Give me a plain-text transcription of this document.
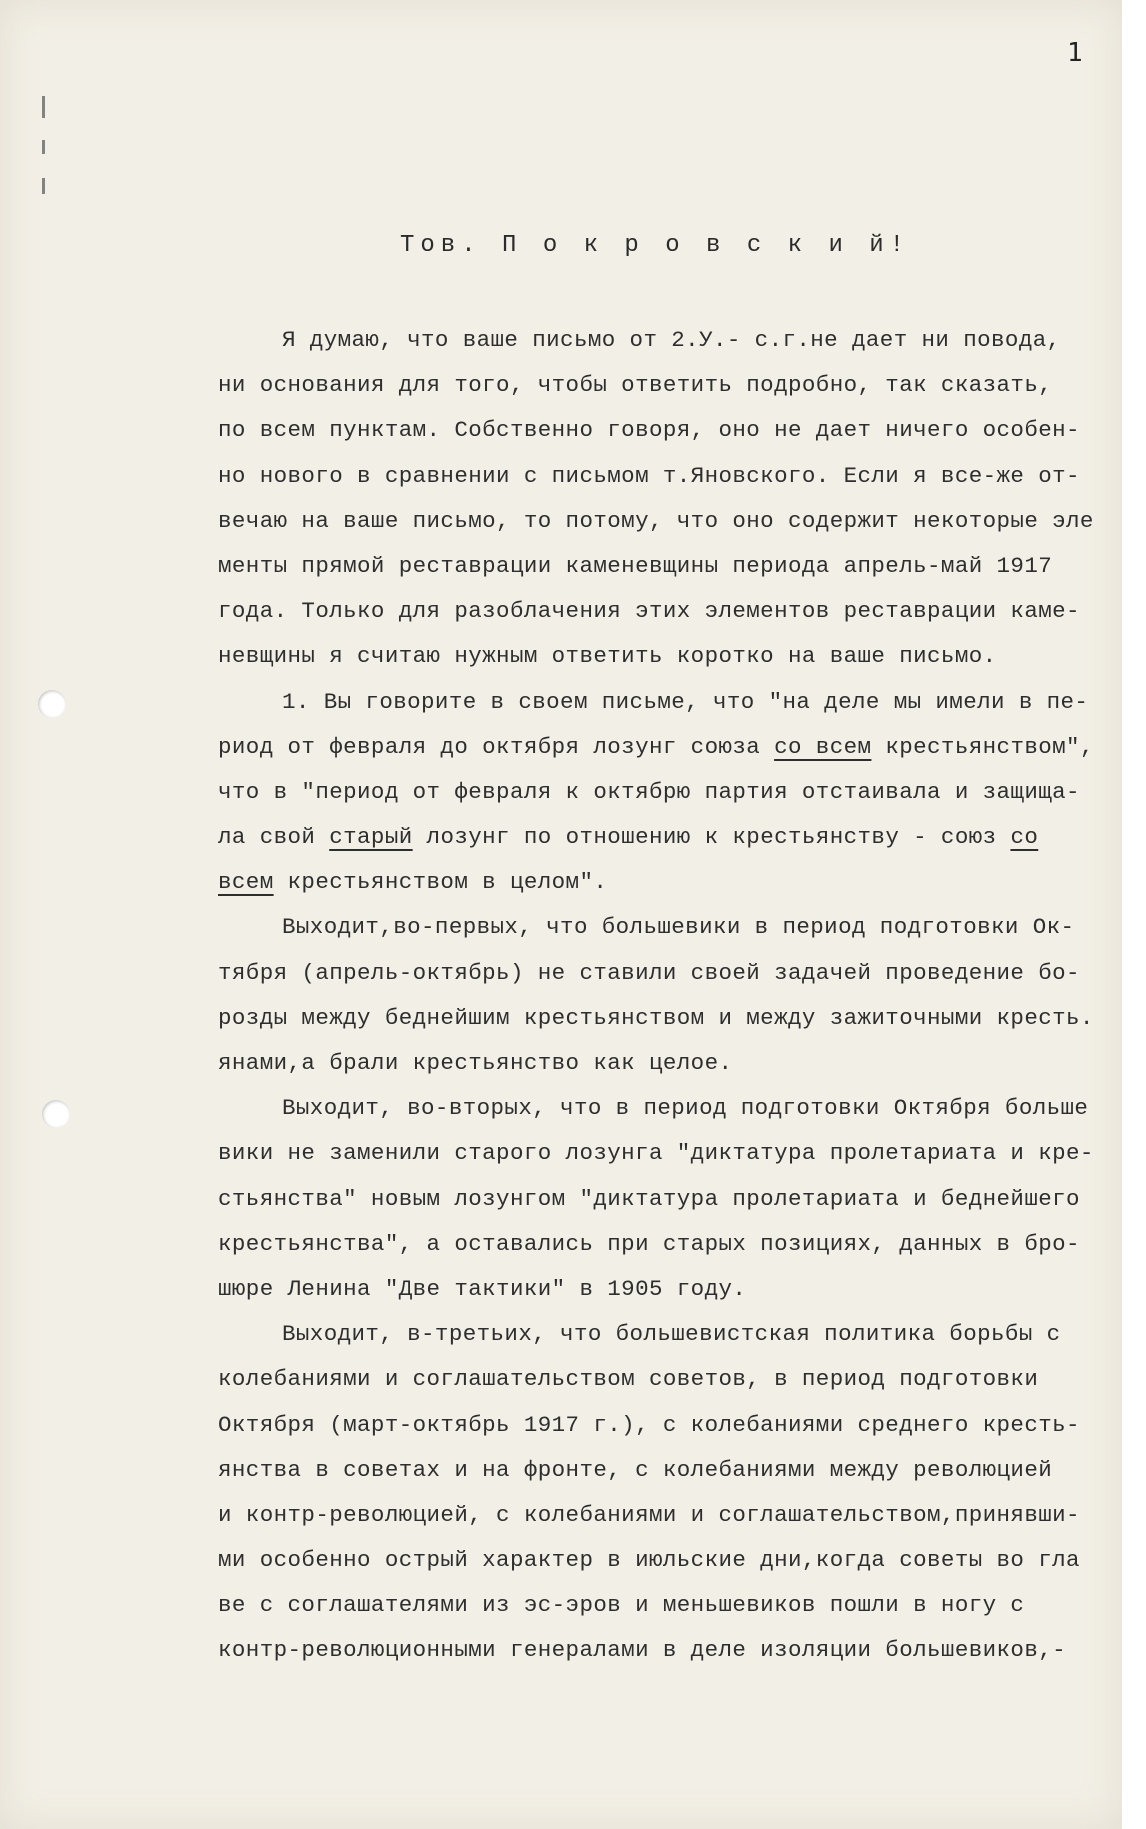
1
Тов. П о к р о в с к и й!
Я думаю, что ваше письмо от 2.У.- с.г.не дает ни повода,
ни основания для того, чтобы ответить подробно, так сказать,
по всем пунктам. Собственно говоря, оно не дает ничего особен-
но нового в сравнении с письмом т.Яновского. Если я все-же от-
вечаю на ваше письмо, то потому, что оно содержит некоторые эле
менты прямой реставрации каменевщины периода апрель-май 1917
года. Только для разоблачения этих элементов реставрации каме-
невщины я считаю нужным ответить коротко на ваше письмо.
1. Вы говорите в своем письме, что "на деле мы имели в пе-
риод от февраля до октября лозунг союза со всем крестьянством",
что в "период от февраля к октябрю партия отстаивала и защища-
ла свой старый лозунг по отношению к крестьянству - союз со
всем крестьянством в целом".
Выходит,во-первых, что большевики в период подготовки Ок-
тября (апрель-октябрь) не ставили своей задачей проведение бо-
розды между беднейшим крестьянством и между зажиточными кресть.
янами,а брали крестьянство как целое.
Выходит, во-вторых, что в период подготовки Октября больше
вики не заменили старого лозунга "диктатура пролетариата и кре-
стьянства" новым лозунгом "диктатура пролетариата и беднейшего
крестьянства", а оставались при старых позициях, данных в бро-
шюре Ленина "Две тактики" в 1905 году.
Выходит, в-третьих, что большевистская политика борьбы с
колебаниями и соглашательством советов, в период подготовки
Октября (март-октябрь 1917 г.), с колебаниями среднего кресть-
янства в советах и на фронте, с колебаниями между революцией
и контр-революцией, с колебаниями и соглашательством,принявши-
ми особенно острый характер в июльские дни,когда советы во гла
ве с соглашателями из эс-эров и меньшевиков пошли в ногу с
контр-революционными генералами в деле изоляции большевиков,-
